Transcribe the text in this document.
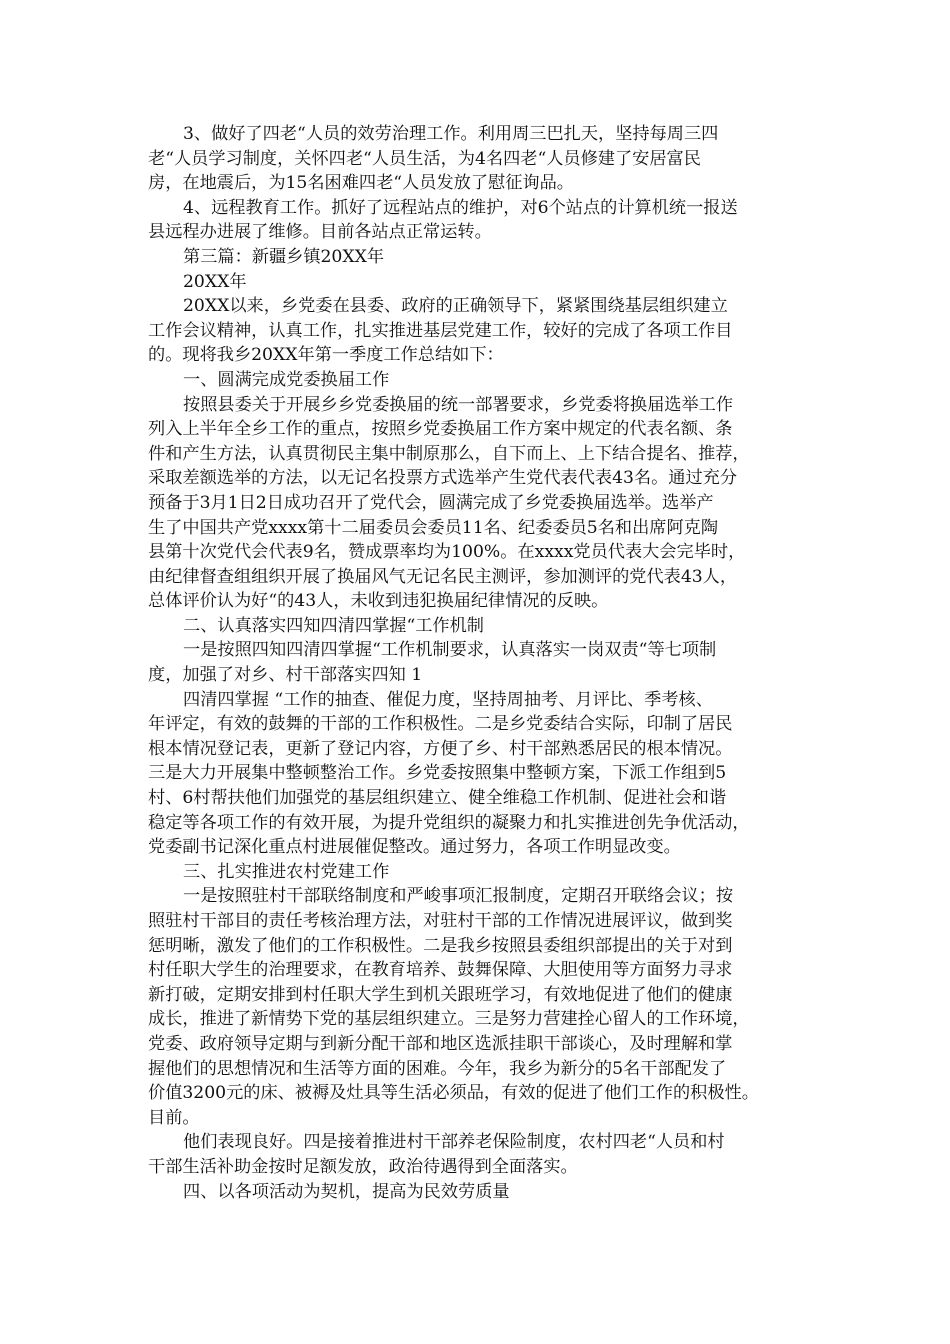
3、做好了四老“人员的效劳治理工作。利用周三巴扎天，坚持每周三四
老“人员学习制度，关怀四老“人员生活，为4名四老“人员修建了安居富民
房，在地震后，为15名困难四老“人员发放了慰征询品。
4、远程教育工作。抓好了远程站点的维护，对6个站点的计算机统一报送
县远程办进展了维修。目前各站点正常运转。
第三篇：新疆乡镇20XX年
20XX年
20XX以来，乡党委在县委、政府的正确领导下，紧紧围绕基层组织建立
工作会议精神，认真工作，扎实推进基层党建工作，较好的完成了各项工作目
的。现将我乡20XX年第一季度工作总结如下：
一、圆满完成党委换届工作
按照县委关于开展乡乡党委换届的统一部署要求，乡党委将换届选举工作
列入上半年全乡工作的重点，按照乡党委换届工作方案中规定的代表名额、条
件和产生方法，认真贯彻民主集中制原那么，自下而上、上下结合提名、推荐，
采取差额选举的方法，以无记名投票方式选举产生党代表代表43名。通过充分
预备于3月1日2日成功召开了党代会，圆满完成了乡党委换届选举。选举产
生了中国共产党xxxx第十二届委员会委员11名、纪委委员5名和出席阿克陶
县第十次党代会代表9名，赞成票率均为100%。在xxxx党员代表大会完毕时，
由纪律督查组组织开展了换届风气无记名民主测评，参加测评的党代表43人，
总体评价认为好“的43人，未收到违犯换届纪律情况的反映。
二、认真落实四知四清四掌握“工作机制
一是按照四知四清四掌握“工作机制要求，认真落实一岗双责“等七项制
度，加强了对乡、村干部落实四知 1
四清四掌握 “工作的抽查、催促力度，坚持周抽考、月评比、季考核、
年评定，有效的鼓舞的干部的工作积极性。二是乡党委结合实际，印制了居民
根本情况登记表，更新了登记内容，方便了乡、村干部熟悉居民的根本情况。
三是大力开展集中整顿整治工作。乡党委按照集中整顿方案，下派工作组到5
村、6村帮扶他们加强党的基层组织建立、健全维稳工作机制、促进社会和谐
稳定等各项工作的有效开展，为提升党组织的凝聚力和扎实推进创先争优活动，
党委副书记深化重点村进展催促整改。通过努力，各项工作明显改变。
三、扎实推进农村党建工作
一是按照驻村干部联络制度和严峻事项汇报制度，定期召开联络会议；按
照驻村干部目的责任考核治理方法，对驻村干部的工作情况进展评议，做到奖
惩明晰，激发了他们的工作积极性。二是我乡按照县委组织部提出的关于对到
村任职大学生的治理要求，在教育培养、鼓舞保障、大胆使用等方面努力寻求
新打破，定期安排到村任职大学生到机关跟班学习，有效地促进了他们的健康
成长，推进了新情势下党的基层组织建立。三是努力营建拴心留人的工作环境，
党委、政府领导定期与到新分配干部和地区选派挂职干部谈心，及时理解和掌
握他们的思想情况和生活等方面的困难。今年，我乡为新分的5名干部配发了
价值3200元的床、被褥及灶具等生活必须品，有效的促进了他们工作的积极性。
目前。
他们表现良好。四是接着推进村干部养老保险制度，农村四老“人员和村
干部生活补助金按时足额发放，政治待遇得到全面落实。
四、以各项活动为契机，提高为民效劳质量
